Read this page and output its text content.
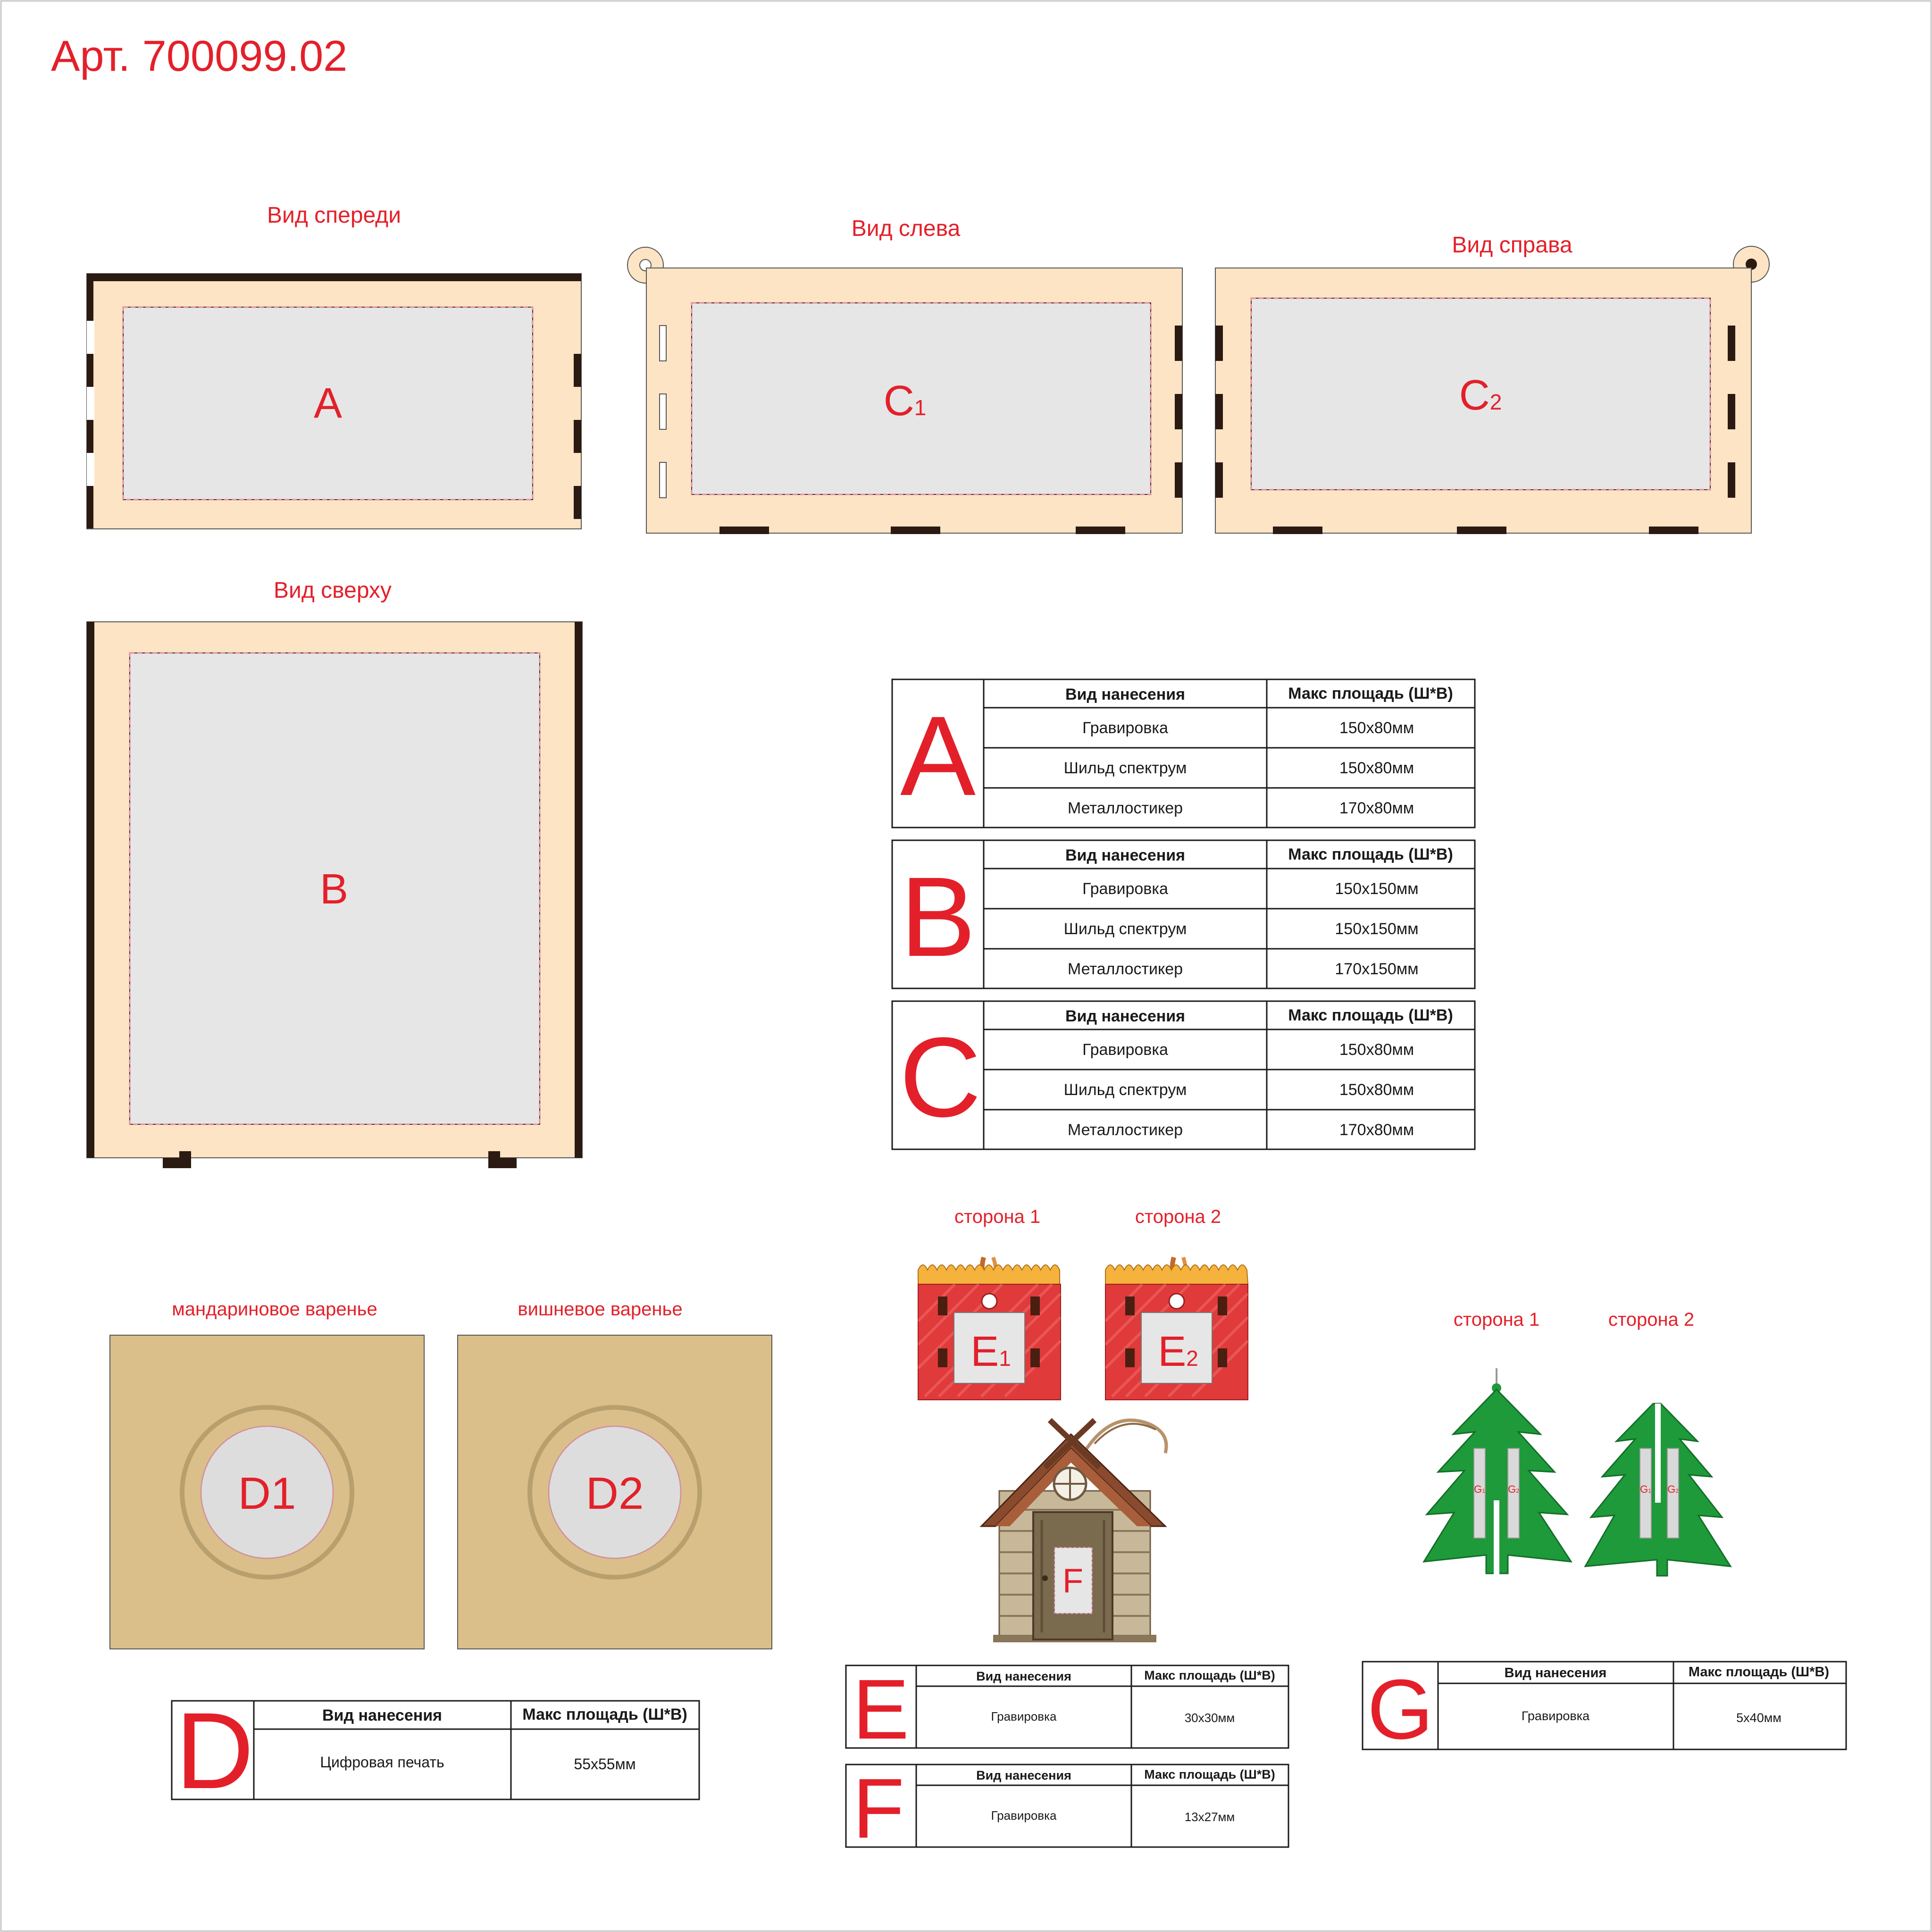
Арт. 700099.02
Вид спереди
A
Вид слева
C1
Вид справа
C2
Вид сверху
B
A	Вид нанесения	Макс площадь (Ш*В)
Гравировка	150x80мм
Шильд спектрум	150x80мм
Металлостикер	170x80мм
B	Вид нанесения	Макс площадь (Ш*В)
Гравировка	150x150мм
Шильд спектрум	150x150мм
Металлостикер	170x150мм
C	Вид нанесения	Макс площадь (Ш*В)
Гравировка	150x80мм
Шильд спектрум	150x80мм
Металлостикер	170x80мм
сторона 1	сторона 2
E1	E2
F
сторона 1	сторона 2
G1 G2	G1 G2
мандариновое варенье	вишневое варенье
D1	D2
D	Вид нанесения	Макс площадь (Ш*В)
Цифровая печать	55x55мм
E	Вид нанесения	Макс площадь (Ш*В)
Гравировка	30x30мм
F	Вид нанесения	Макс площадь (Ш*В)
Гравировка	13x27мм
G	Вид нанесения	Макс площадь (Ш*В)
Гравировка	5x40мм
